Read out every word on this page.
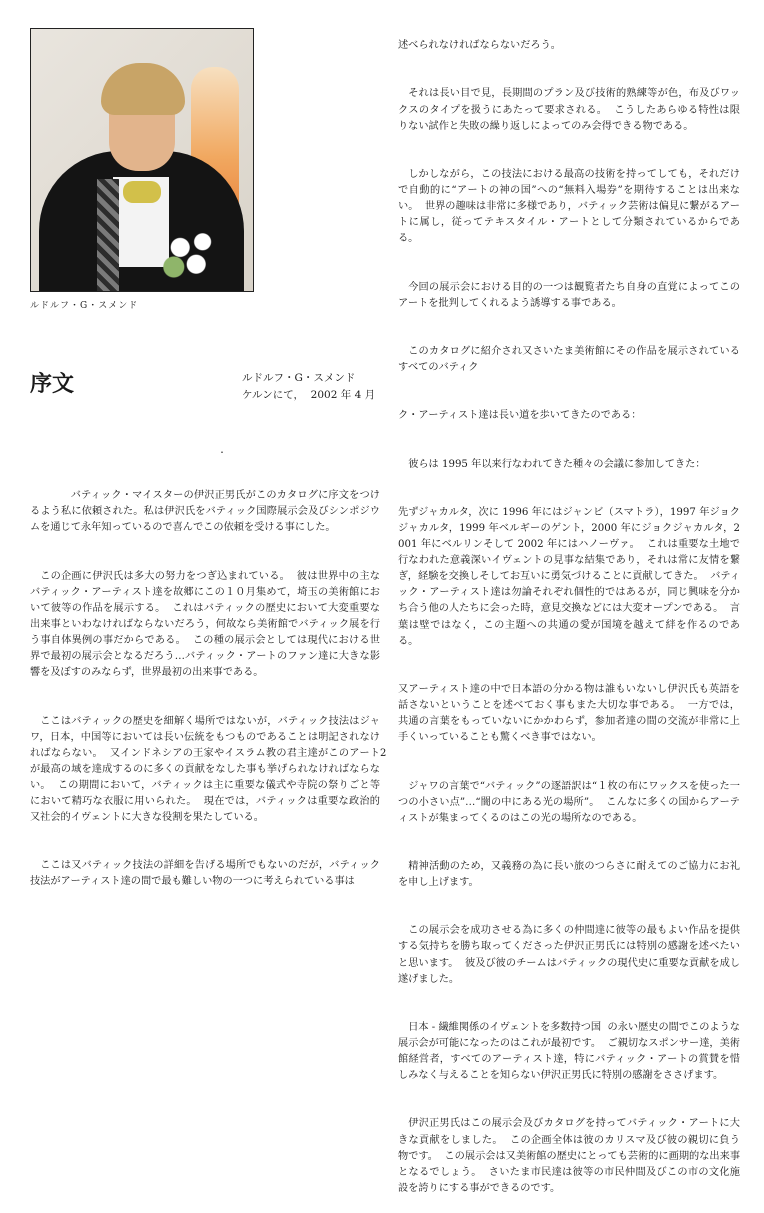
ルドルフ・G・スメンド
序文	ルドルフ・G・スメンド
ケルンにて，  2002 年 4 月
・

バティック・マイスターの伊沢正男氏がこのカタログに序文をつけるよう私に依頼された。私は伊沢氏をバティック国際展示会及びシンポジウムを通じて永年知っているので喜んでこの依頼を受ける事にした。

この企画に伊沢氏は多大の努力をつぎ込まれている。  彼は世界中の主なバティック・アーティスト達を故郷にこの１０月集めて，埼玉の美術館において彼等の作品を展示する。  これはバティックの歴史において大変重要な出来事といわなければならないだろう，何故なら美術館でバティック展を行う事自体異例の事だからである。  この種の展示会としては現代における世界で最初の展示会となるだろう…バティック・アートのファン達に大きな影響を及ぼすのみならず，世界最初の出来事である。

ここはバティックの歴史を細解く場所ではないが，バティック技法はジャワ，日本，中国等においては長い伝統をもつものであることは明記されなければならない。  又インドネシアの王家やイスラム教の君主達がこのアートが最高の域を達成するのに多くの貢献をなした事も挙げられなければならない。  この期間において，バティックは主に重要な儀式や寺院の祭りごと等において精巧な衣服に用いられた。  現在では，バティックは重要な政治的又社会的イヴェントに大きな役割を果たしている。

ここは又バティック技法の詳細を告げる場所でもないのだが，バティック技法がアーティスト達の間で最も難しい物の一つに考えられている事は

述べられなければならないだろう。

それは長い目で見，長期間のプラン及び技術的熟練等が色，布及びワックスのタイプを扱うにあたって要求される。  こうしたあらゆる特性は限りない試作と失敗の繰り返しによってのみ会得できる物である。

しかしながら，この技法における最高の技術を持ってしても，それだけで自動的に“アートの神の国”への“無料入場券”を期待することは出来ない。  世界の趣味は非常に多様であり，バティック芸術は偏見に繋がるアートに属し，従ってテキスタイル・アートとして分類されているからである。

今回の展示会における目的の一つは観覧者たち自身の直覚によってこのアートを批判してくれるよう誘導する事である。

このカタログに紹介され又さいたま美術館にその作品を展示されているすべてのバティク

ク・アーティスト達は長い道を歩いてきたのである：

彼らは 1995 年以来行なわれてきた種々の会議に参加してきた：

先ずジャカルタ，次に 1996 年にはジャンビ（スマトラ），1997 年ジョクジャカルタ，1999 年ベルギーのゲント，2000 年にジョクジャカルタ，2001 年にベルリンそして 2002 年にはハノーヴァ。  これは重要な土地で行なわれた意義深いイヴェントの見事な結集であり，それは常に友情を繋ぎ，経験を交換しそしてお互いに勇気づけることに貢献してきた。  バティック・アーティスト達は勿論それぞれ個性的ではあるが，同じ興味を分かち合う他の人たちに会った時，意見交換などには大変オープンである。  言葉は壁ではなく，この主題への共通の愛が国境を越えて絆を作るのである。

又アーティスト達の中で日本語の分かる物は誰もいないし伊沢氏も英語を話さないということを述べておく事もまた大切な事である。  一方では，共通の言葉をもっていないにかかわらず，参加者達の間の交流が非常に上手くいっていることも驚くべき事ではない。

ジャワの言葉で“バティック”の逐語訳は“１枚の布にワックスを使った一つの小さい点”…“闇の中にある光の場所”。  こんなに多くの国からアーティストが集まってくるのはこの光の場所なのである。

精神活動のため，又義務の為に長い旅のつらさに耐えてのご協力にお礼を申し上げます。

この展示会を成功させる為に多くの仲間達に彼等の最もよい作品を提供する気持ちを勝ち取ってくださった伊沢正男氏には特別の感謝を述べたいと思います。  彼及び彼のチームはバティックの現代史に重要な貢献を成し遂げました。

日本 - 繊維関係のイヴェントを多数持つ国  の永い歴史の間でこのような展示会が可能になったのはこれが最初です。  ご親切なスポンサー達，美術館経営者，すべてのアーティスト達，特にバティック・アートの賞賛を惜しみなく与えることを知らない伊沢正男氏に特別の感謝をささげます。

伊沢正男氏はこの展示会及びカタログを持ってバティック・アートに大きな貢献をしました。  この企画全体は彼のカリスマ及び彼の親切に負う物です。  この展示会は又美術館の歴史にとっても芸術的に画期的な出来事となるでしょう。  さいたま市民達は彼等の市民仲間及びこの市の文化施設を誇りにする事ができるのです。

2
